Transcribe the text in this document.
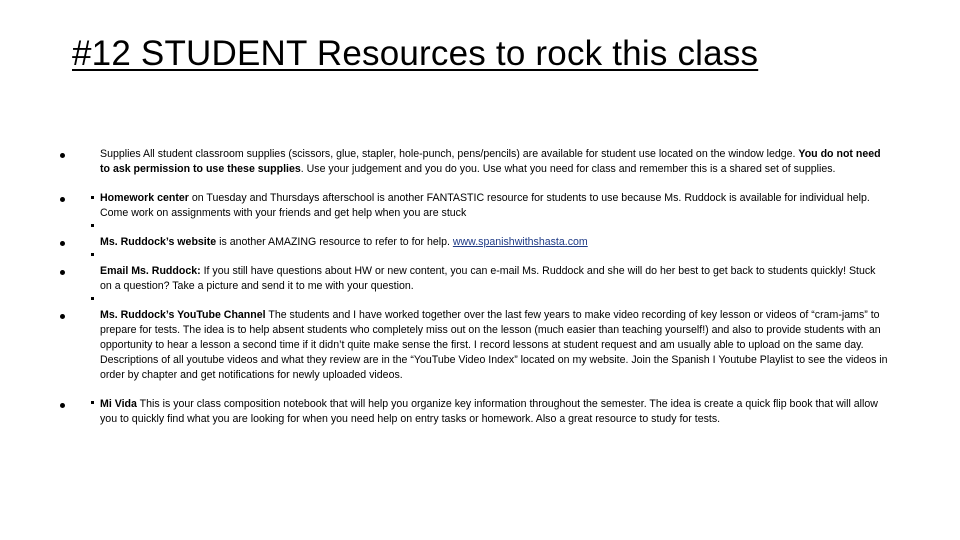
#12 STUDENT Resources to rock this class
Supplies All student classroom supplies (scissors, glue, stapler, hole-punch, pens/pencils) are available for student use located on the window ledge. You do not need to ask permission to use these supplies. Use your judgement and you do you. Use what you need for class and remember this is a shared set of supplies.
Homework center on Tuesday and Thursdays afterschool is another FANTASTIC resource for students to use because Ms. Ruddock is available for individual help. Come work on assignments with your friends and get help when you are stuck
Ms. Ruddock’s website is another AMAZING resource to refer to for help. www.spanishwithshasta.com
Email Ms. Ruddock: If you still have questions about HW or new content, you can e-mail Ms. Ruddock and she will do her best to get back to students quickly! Stuck on a question? Take a picture and send it to me with your question.
Ms. Ruddock’s YouTube Channel The students and I have worked together over the last few years to make video recording of key lesson or videos of “cram-jams” to prepare for tests. The idea is to help absent students who completely miss out on the lesson (much easier than teaching yourself!) and also to provide students with an opportunity to hear a lesson a second time if it didn’t quite make sense the first. I record lessons at student request and am usually able to upload on the same day. Descriptions of all youtube videos and what they review are in the “YouTube Video Index” located on my website. Join the Spanish I Youtube Playlist to see the videos in order by chapter and get notifications for newly uploaded videos.
Mi Vida This is your class composition notebook that will help you organize key information throughout the semester. The idea is create a quick flip book that will allow you to quickly find what you are looking for when you need help on entry tasks or homework. Also a great resource to study for tests.
